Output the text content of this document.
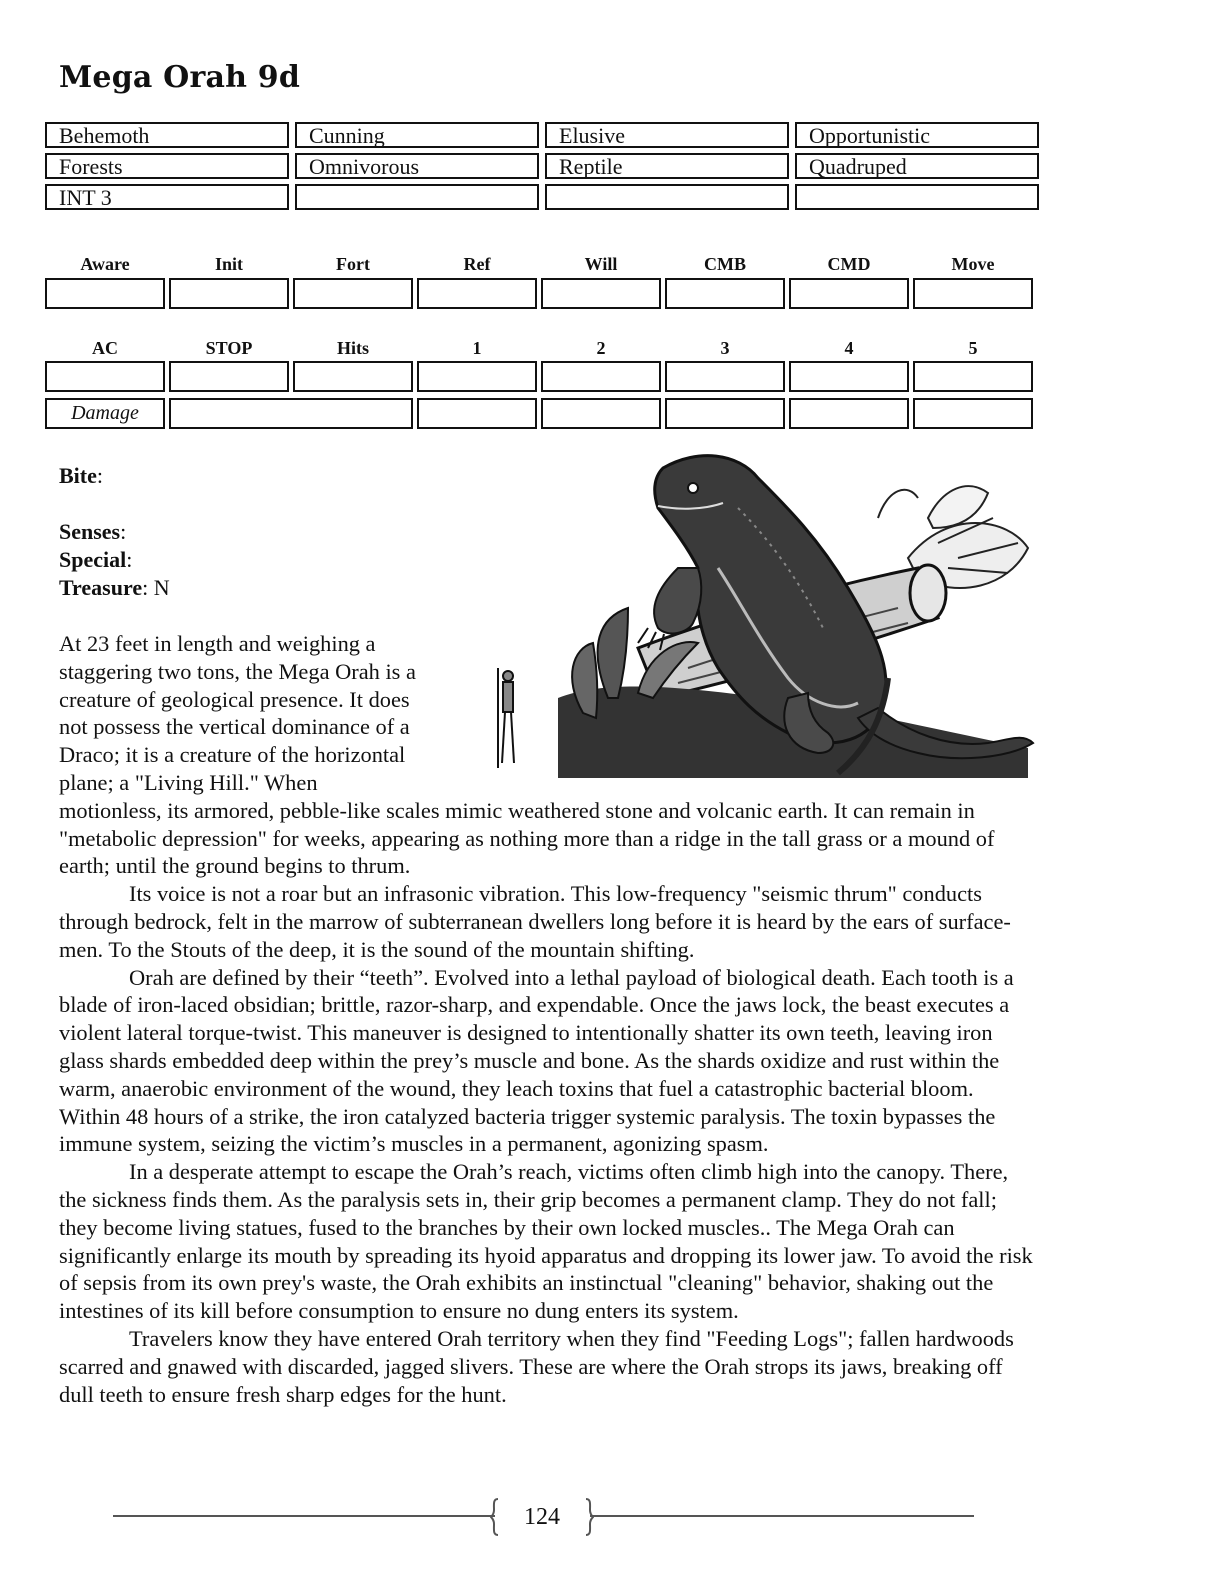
Mega Orah 9d
Behemoth	Cunning	Elusive	Opportunistic
Forests	Omnivorous	Reptile	Quadruped
INT 3
Aware	Init	Fort	Ref	Will	CMB	CMD	Move
AC	STOP	Hits	1	2	3	4	5
Damage
Bite:
Senses:
Special:
Treasure: N

At 23 feet in length and weighing a staggering two tons, the Mega Orah is a creature of geological presence. It does not possess the vertical dominance of a Draco; it is a creature of the horizontal plane; a "Living Hill." When motionless, its armored, pebble-like scales mimic weathered stone and volcanic earth. It can remain in "metabolic depression" for weeks, appearing as nothing more than a ridge in the tall grass or a mound of earth; until the ground begins to thrum.

Its voice is not a roar but an infrasonic vibration. This low-frequency "seismic thrum" conducts through bedrock, felt in the marrow of subterranean dwellers long before it is heard by the ears of surface-men. To the Stouts of the deep, it is the sound of the mountain shifting.

Orah are defined by their “teeth”. Evolved into a lethal payload of biological death. Each tooth is a blade of iron-laced obsidian; brittle, razor-sharp, and expendable. Once the jaws lock, the beast executes a violent lateral torque-twist. This maneuver is designed to intentionally shatter its own teeth, leaving iron glass shards embedded deep within the prey’s muscle and bone. As the shards oxidize and rust within the warm, anaerobic environment of the wound, they leach toxins that fuel a catastrophic bacterial bloom. Within 48 hours of a strike, the iron catalyzed bacteria trigger systemic paralysis. The toxin bypasses the immune system, seizing the victim’s muscles in a permanent, agonizing spasm.

In a desperate attempt to escape the Orah’s reach, victims often climb high into the canopy. There, the sickness finds them. As the paralysis sets in, their grip becomes a permanent clamp. They do not fall; they become living statues, fused to the branches by their own locked muscles.. The Mega Orah can significantly enlarge its mouth by spreading its hyoid apparatus and dropping its lower jaw. To avoid the risk of sepsis from its own prey's waste, the Orah exhibits an instinctual "cleaning" behavior, shaking out the intestines of its kill before consumption to ensure no dung enters its system.

Travelers know they have entered Orah territory when they find "Feeding Logs"; fallen hardwoods scarred and gnawed with discarded, jagged slivers. These are where the Orah strops its jaws, breaking off dull teeth to ensure fresh sharp edges for the hunt.

124
